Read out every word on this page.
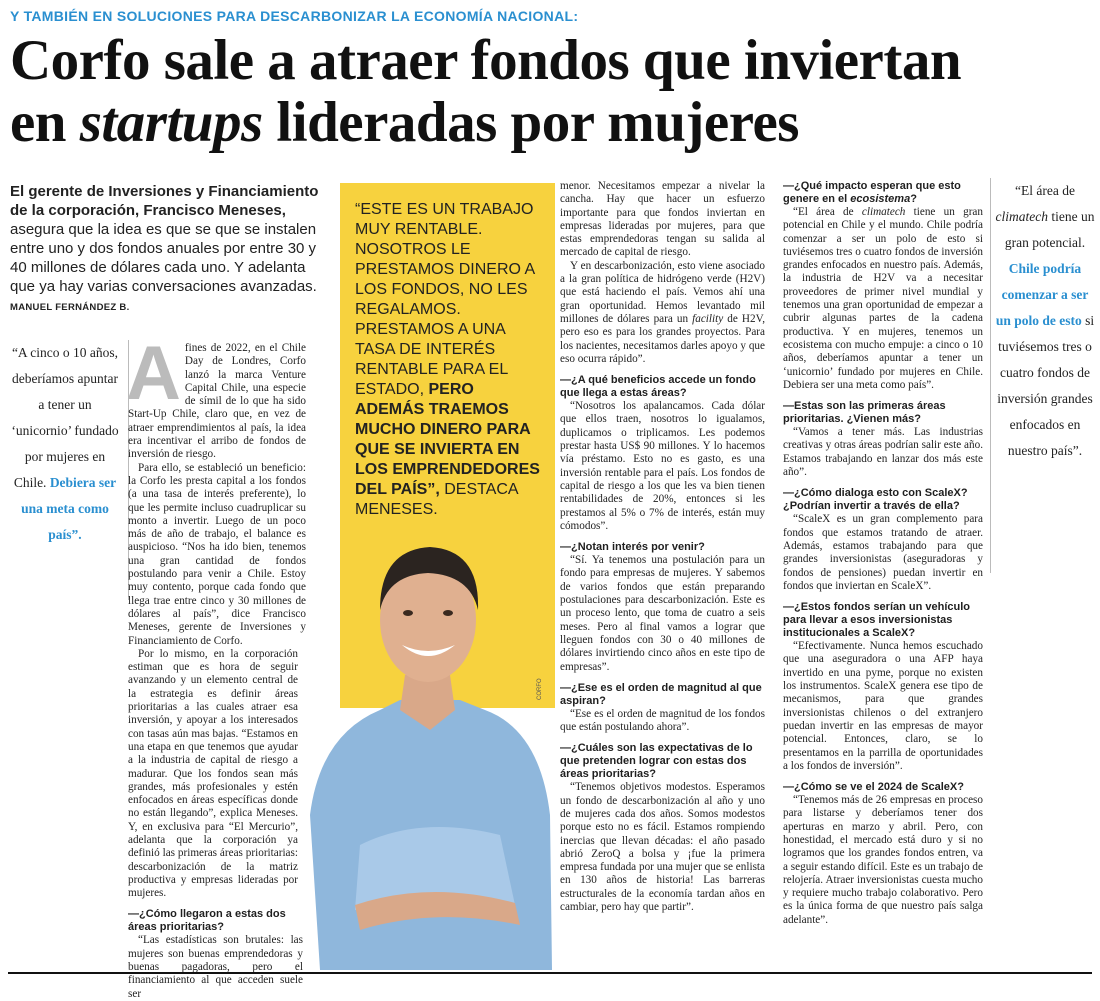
Y TAMBIÉN EN SOLUCIONES PARA DESCARBONIZAR LA ECONOMÍA NACIONAL:
Corfo sale a atraer fondos que inviertan
en startups lideradas por mujeres
El gerente de Inversiones y Financiamiento de la corporación, Francisco Meneses, asegura que la idea es que se que se instalen entre uno y dos fondos anuales por entre 30 y 40 millones de dólares cada uno. Y adelanta que ya hay varias conversaciones avanzadas. MANUEL FERNÁNDEZ B.
“A cinco o 10 años, deberíamos apuntar a tener un ‘unicornio’ fundado por mujeres en Chile. Debiera ser una meta como país”.
“El área de climatech tiene un gran potencial. Chile podría comenzar a ser un polo de esto si tuviésemos tres o cuatro fondos de inversión grandes enfocados en nuestro país”.

Afines de 2022, en el Chile Day de Londres, Corfo lanzó la marca Venture Capital Chile, una especie de símil de lo que ha sido Start-Up Chile, claro que, en vez de atraer emprendimientos al país, la idea era incentivar el arribo de fondos de inversión de riesgo.

Para ello, se estableció un beneficio: la Corfo les presta capital a los fondos (a una tasa de interés preferente), lo que les permite incluso cuadruplicar su monto a invertir. Luego de un poco más de año de trabajo, el balance es auspicioso. “Nos ha ido bien, tenemos una gran cantidad de fondos postulando para venir a Chile. Estoy muy contento, porque cada fondo que llega trae entre cinco y 30 millones de dólares al país”, dice Francisco Meneses, gerente de Inversiones y Financiamiento de Corfo.

Por lo mismo, en la corporación estiman que es hora de seguir avanzando y un elemento central de la estrategia es definir áreas prioritarias a las cuales atraer esa inversión, y apoyar a los interesados con tasas aún mas bajas. “Estamos en una etapa en que tenemos que ayudar a la industria de capital de riesgo a madurar. Que los fondos sean más grandes, más profesionales y estén enfocados en áreas específicas donde no están llegando”, explica Meneses. Y, en exclusiva para “El Mercurio”, adelanta que la corporación ya definió las primeras áreas prioritarias: descarbonización de la matriz productiva y empresas lideradas por mujeres.

—¿Cómo llegaron a estas dos áreas prioritarias?

“Las estadísticas son brutales: las mujeres son buenas emprendedoras y buenas pagadoras, pero el financiamiento al que acceden suele ser

“ESTE ES UN TRABAJO MUY RENTABLE. NOSOTROS LE PRESTAMOS DINERO A LOS FONDOS, NO LES REGALAMOS. PRESTAMOS A UNA TASA DE INTERÉS RENTABLE PARA EL ESTADO, PERO ADEMÁS TRAEMOS MUCHO DINERO PARA QUE SE INVIERTA EN LOS EMPRENDEDORES DEL PAÍS”, DESTACA MENESES.
CORFO

menor. Necesitamos empezar a nivelar la cancha. Hay que hacer un esfuerzo importante para que fondos inviertan en empresas lideradas por mujeres, para que estas emprendedoras tengan su salida al mercado de capital de riesgo.

Y en descarbonización, esto viene asociado a la gran política de hidrógeno verde (H2V) que está haciendo el país. Vemos ahí una gran oportunidad. Hemos levantado mil millones de dólares para un facility de H2V, pero eso es para los grandes proyectos. Para los nacientes, necesitamos darles apoyo y que eso ocurra rápido”.

—¿A qué beneficios accede un fondo que llega a estas áreas?

“Nosotros los apalancamos. Cada dólar que ellos traen, nosotros lo igualamos, duplicamos o triplicamos. Les podemos prestar hasta US$ 90 millones. Y lo hacemos vía préstamo. Esto no es gasto, es una inversión rentable para el país. Los fondos de capital de riesgo a los que les va bien tienen rentabilidades de 20%, entonces si les prestamos al 5% o 7% de interés, están muy cómodos”.

—¿Notan interés por venir?

“Sí. Ya tenemos una postulación para un fondo para empresas de mujeres. Y sabemos de varios fondos que están preparando postulaciones para descarbonización. Este es un proceso lento, que toma de cuatro a seis meses. Pero al final vamos a lograr que lleguen fondos con 30 o 40 millones de dólares invirtiendo cinco años en este tipo de empresas”.

—¿Ese es el orden de magnitud al que aspiran?

“Ese es el orden de magnitud de los fondos que están postulando ahora”.

—¿Cuáles son las expectativas de lo que pretenden lograr con estas dos áreas prioritarias?

“Tenemos objetivos modestos. Esperamos un fondo de descarbonización al año y uno de mujeres cada dos años. Somos modestos porque esto no es fácil. Estamos rompiendo inercias que llevan décadas: el año pasado abrió ZeroQ a bolsa y ¡fue la primera empresa fundada por una mujer que se enlista en 130 años de historia! Las barreras estructurales de la economía tardan años en cambiar, pero hay que partir”.

—¿Qué impacto esperan que esto genere en el ecosistema?

“El área de climatech tiene un gran potencial en Chile y el mundo. Chile podría comenzar a ser un polo de esto si tuviésemos tres o cuatro fondos de inversión grandes enfocados en nuestro país. Además, la industria de H2V va a necesitar proveedores de primer nivel mundial y tenemos una gran oportunidad de empezar a cubrir algunas partes de la cadena productiva. Y en mujeres, tenemos un ecosistema con mucho empuje: a cinco o 10 años, deberíamos apuntar a tener un ‘unicornio’ fundado por mujeres en Chile. Debiera ser una meta como país”.

—Estas son las primeras áreas prioritarias. ¿Vienen más?

“Vamos a tener más. Las industrias creativas y otras áreas podrían salir este año. Estamos trabajando en lanzar dos más este año”.

—¿Cómo dialoga esto con ScaleX? ¿Podrían invertir a través de ella?

“ScaleX es un gran complemento para fondos que estamos tratando de atraer. Además, estamos trabajando para que grandes inversionistas (aseguradoras y fondos de pensiones) puedan invertir en fondos que inviertan en ScaleX”.

—¿Estos fondos serían un vehículo para llevar a esos inversionistas institucionales a ScaleX?

“Efectivamente. Nunca hemos escuchado que una aseguradora o una AFP haya invertido en una pyme, porque no existen los instrumentos. ScaleX genera ese tipo de mecanismos, para que grandes inversionistas chilenos o del extranjero puedan invertir en las empresas de mayor potencial. Entonces, claro, se lo presentamos en la parrilla de oportunidades a los fondos de inversión”.

—¿Cómo se ve el 2024 de ScaleX?

“Tenemos más de 26 empresas en proceso para listarse y deberíamos tener dos aperturas en marzo y abril. Pero, con honestidad, el mercado está duro y si no logramos que los grandes fondos entren, va a seguir estando difícil. Este es un trabajo de relojería. Atraer inversionistas cuesta mucho y requiere mucho trabajo colaborativo. Pero es la única forma de que nuestro país salga adelante”.
